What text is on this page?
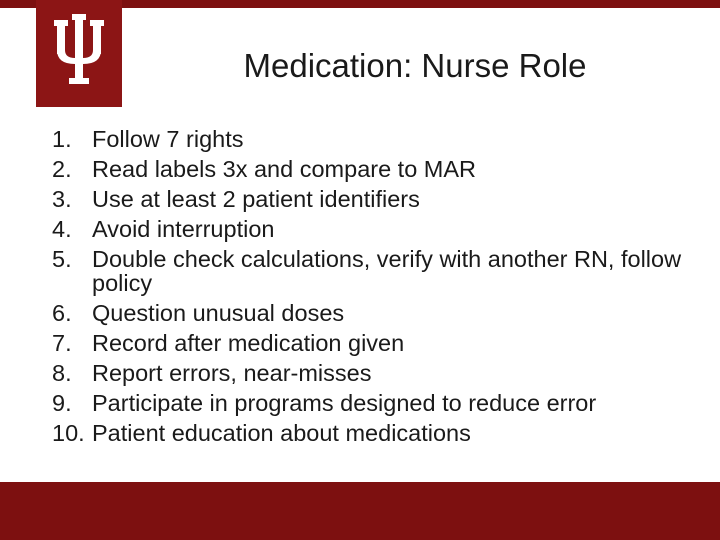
Medication: Nurse Role
1. Follow 7 rights
2. Read labels 3x and compare to MAR
3. Use at least 2 patient identifiers
4. Avoid interruption
5. Double check calculations, verify with another RN, follow policy
6. Question unusual doses
7. Record after medication given
8. Report errors, near-misses
9. Participate in programs designed to reduce error
10. Patient education about medications
